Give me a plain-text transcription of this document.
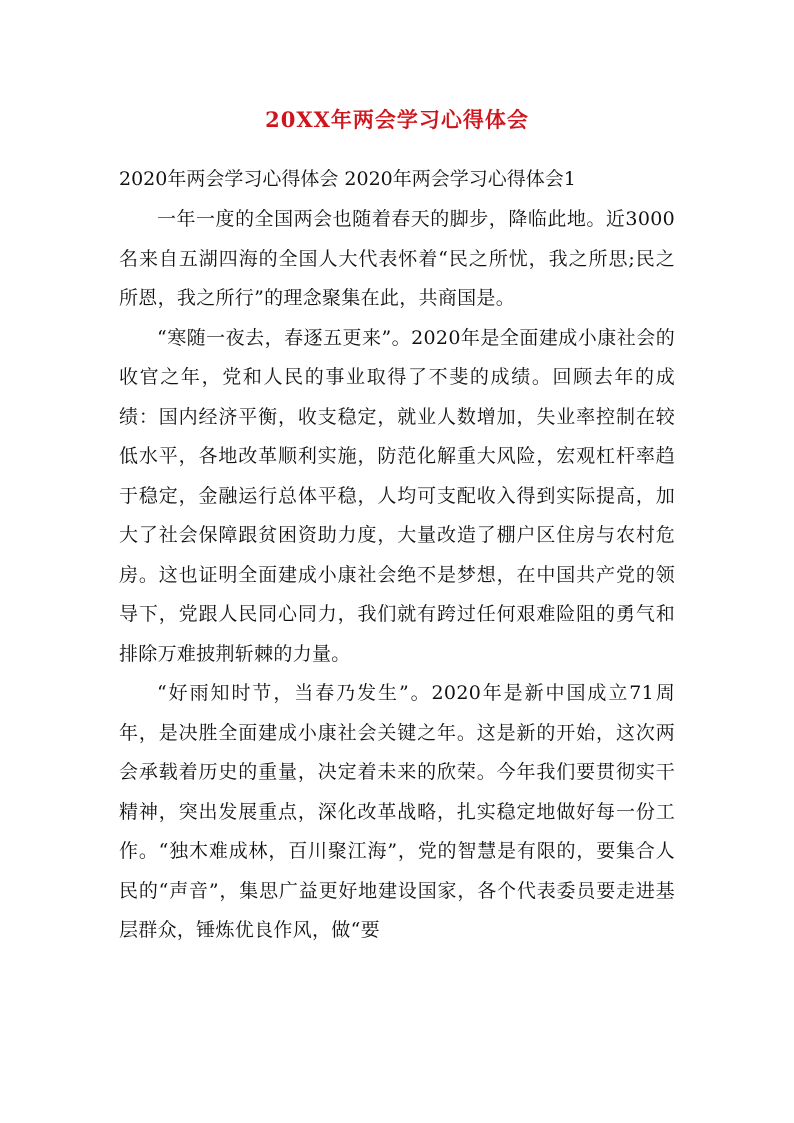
20XX年两会学习心得体会
2020年两会学习心得体会 2020年两会学习心得体会1

一年一度的全国两会也随着春天的脚步，降临此地。近3000名来自五湖四海的全国人大代表怀着“民之所忧，我之所思;民之所恩，我之所行”的理念聚集在此，共商国是。

“寒随一夜去，春逐五更来”。2020年是全面建成小康社会的收官之年，党和人民的事业取得了不斐的成绩。回顾去年的成绩：国内经济平衡，收支稳定，就业人数增加，失业率控制在较低水平，各地改革顺利实施，防范化解重大风险，宏观杠杆率趋于稳定，金融运行总体平稳，人均可支配收入得到实际提高，加大了社会保障跟贫困资助力度，大量改造了棚户区住房与农村危房。这也证明全面建成小康社会绝不是梦想，在中国共产党的领导下，党跟人民同心同力，我们就有跨过任何艰难险阻的勇气和排除万难披荆斩棘的力量。

“好雨知时节，当春乃发生”。2020年是新中国成立71周年，是决胜全面建成小康社会关键之年。这是新的开始，这次两会承载着历史的重量，决定着未来的欣荣。今年我们要贯彻实干精神，突出发展重点，深化改革战略，扎实稳定地做好每一份工作。“独木难成林，百川聚江海”，党的智慧是有限的，要集合人民的“声音”，集思广益更好地建设国家，各个代表委员要走进基层群众，锤炼优良作风，做“要
